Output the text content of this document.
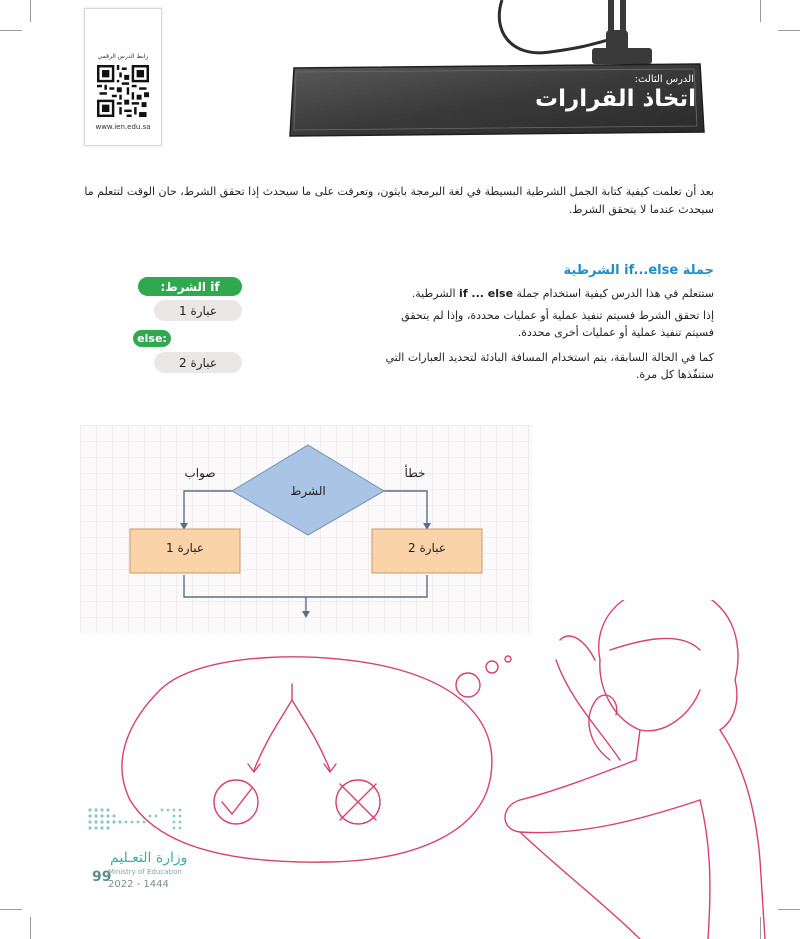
الدرس الثالث:
اتخاذ القرارات
رابط الدرس الرقمي
www.ien.edu.sa
بعد أن تعلمت كيفية كتابة الجمل الشرطية البسيطة في لغة البرمجة بايثون، وتعرفت على ما سيحدث إذا تحقق الشرط، حان الوقت لتتعلم ما سيحدث عندما لا يتحقق الشرط.
جملة if...else الشرطية
ستتعلم في هذا الدرس كيفية استخدام جملة if ... else الشرطية.
إذا تحقق الشرط فسيتم تنفيذ عملية أو عمليات محددة، وإذا لم يتحقق فسيتم تنفيذ عملية أو عمليات أخرى محددة.
كما في الحالة السابقة، يتم استخدام المسافة البادئة لتحديد العبارات التي ستنفّذها كل مرة.
if الشرط:
عبارة 1
else:
عبارة 2
الشرط
صواب	خطأ
عبارة 1	عبارة 2
وزارة التعـليم
Ministry of Education
99
2022 - 1444
